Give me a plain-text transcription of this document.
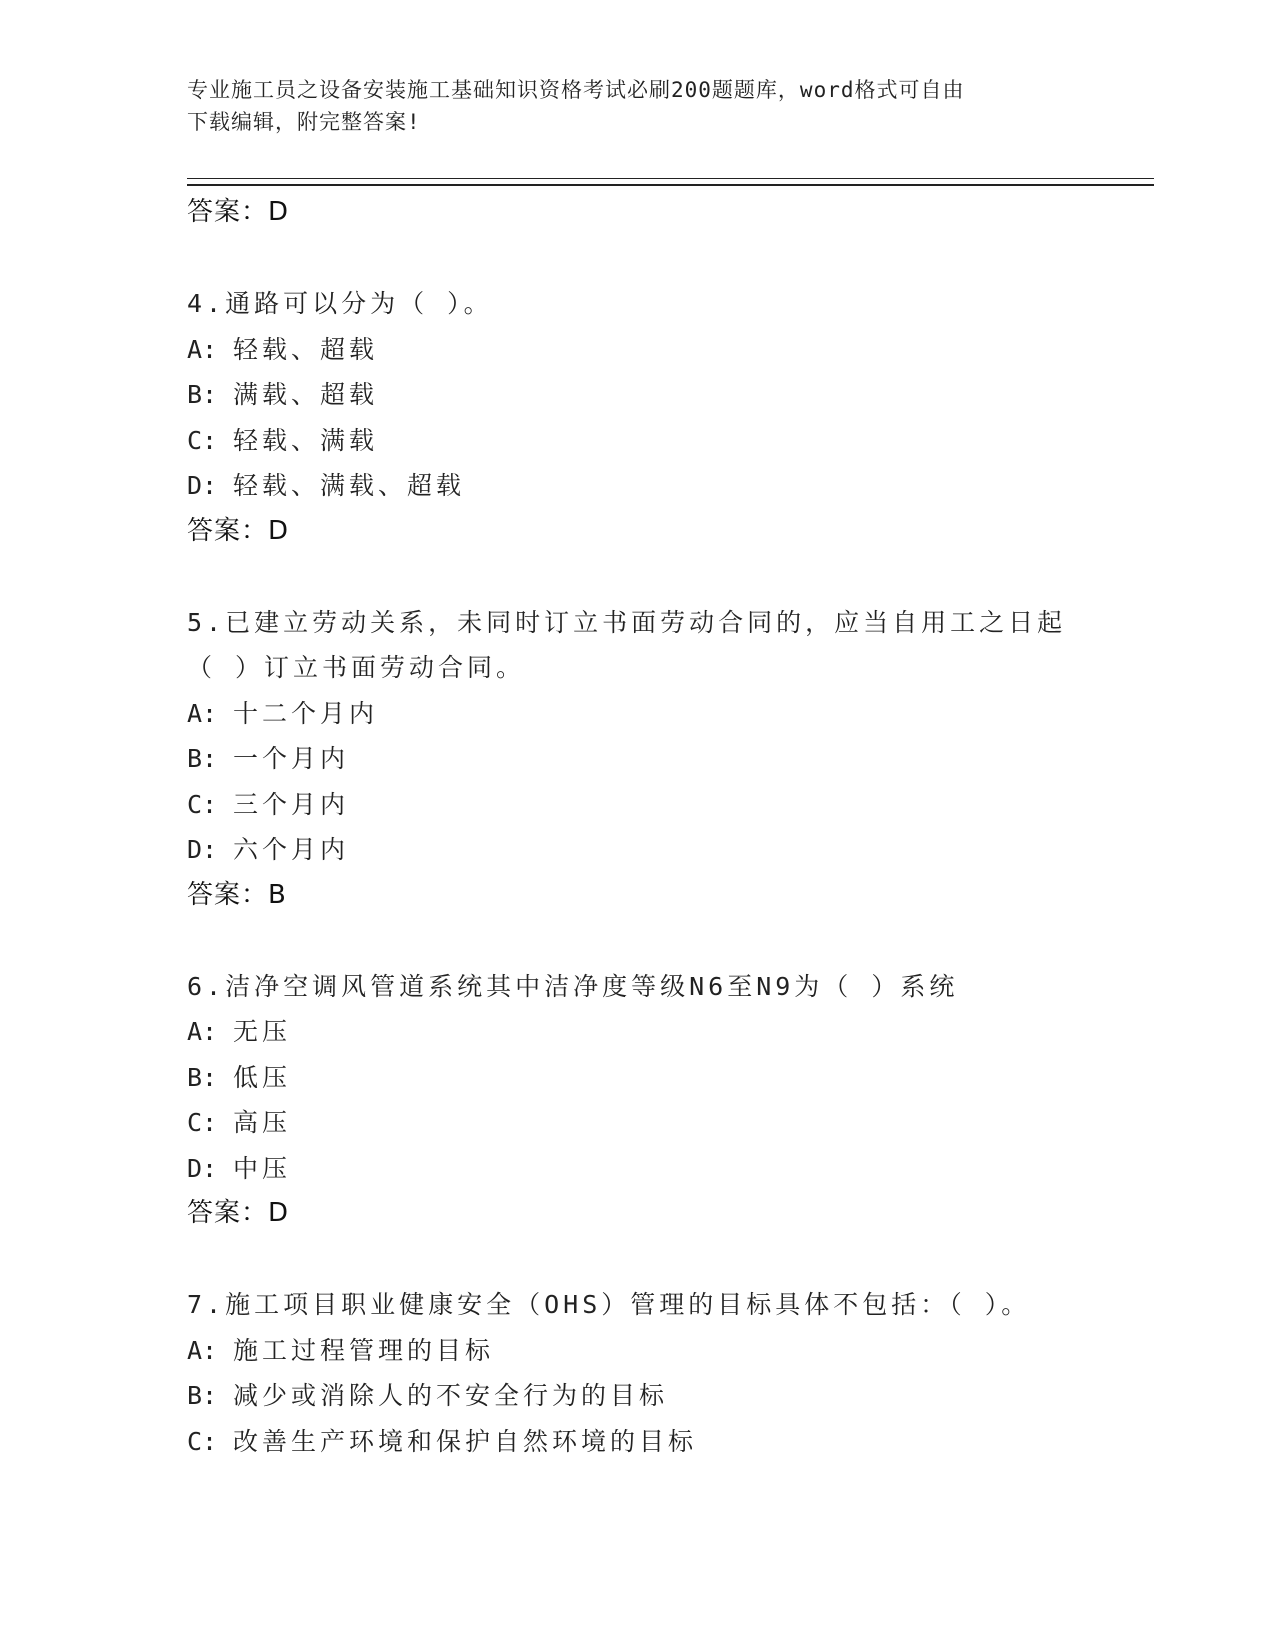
专业施工员之设备安装施工基础知识资格考试必刷200题题库，word格式可自由
下载编辑，附完整答案!
答案：D
4.通路可以分为（ ）。
A: 轻载、超载
B: 满载、超载
C: 轻载、满载
D: 轻载、满载、超载
答案：D
5.已建立劳动关系，未同时订立书面劳动合同的，应当自用工之日起
（ ）订立书面劳动合同。
A: 十二个月内
B: 一个月内
C: 三个月内
D: 六个月内
答案：B
6.洁净空调风管道系统其中洁净度等级N6至N9为（ ）系统
A: 无压
B: 低压
C: 高压
D: 中压
答案：D
7.施工项目职业健康安全（OHS）管理的目标具体不包括：（ ）。
A: 施工过程管理的目标
B: 减少或消除人的不安全行为的目标
C: 改善生产环境和保护自然环境的目标
